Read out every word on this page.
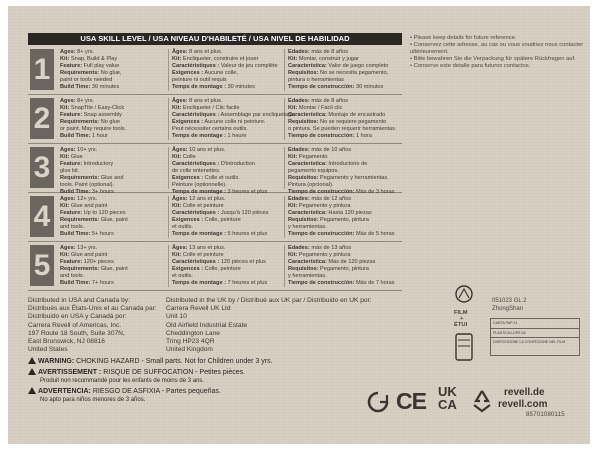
USA SKILL LEVEL / USA NIVEAU D'HABILETÉ / USA NIVEL DE HABILIDAD
1
Ages: 8+ yrs.
Kit: Snap, Build & Play
Feature: Full play value
Requirements: No glue,
paint or tools needed
Build Time: 30 minutes
Âges: 8 ans et plus.
Kit: Encliqueter, construire et jouer
Caractéristiques : Valeur de jeu complète
Exigences : Aucune colle,
peinture ni outil requis
Temps de montage : 30 minutes
Edades: más de 8 años
Kit: Montar, construir y jugar
Característica: Valor de juego completo
Requisitos: No se necesita pegamento,
pintura o herramientas
Tiempo de construcción: 30 minutos
2
Ages: 8+ yrs.
Kit: SnapTite / Easy-Click
Feature: Snap assembly
Requirements: No glue
or paint. May require tools.
Build Time: 1 hour
Âges: 8 ans et plus.
Kit: Encliqueter / Clic facile
Caractéristiques : Assemblage par encliquetage
Exigences : Aucune colle ni peinture.
Peut nécessiter certains outils.
Temps de montage : 1 heure
Edades: más de 8 años
Kit: Montar / Fácil clic
Característica: Montaje de encastrado
Requisitos: No se requiere pegamento
o pintura. Se pueden requerir herramientas.
Tiempo de construcción: 1 hora
3
Ages: 10+ yrs.
Kit: Glue
Feature: Introductory
glue kit.
Requirements: Glue and
tools. Paint (optional).
Build Time: 3+ hours
Âges: 10 ans et plus.
Kit: Colle
Caractéristiques : D'introduction
de colle entenettes.
Exigences : Colle et outils.
Peinture (optionnelle).
Temps de montage : 3 heures et plus
Edades: más de 10 años
Kit: Pegamento
Característica: Introductorio de
pegamento equipos.
Requisitos: Pegamento y herramientas.
Pintura (opcional).
Tiempo de construcción: Más de 3 horas
4
Ages: 12+ yrs.
Kit: Glue and paint
Feature: Up to 120 pieces
Requirements: Glue, paint
and tools.
Build Time: 5+ hours
Âges: 12 ans et plus.
Kit: Colle et peinture
Caractéristiques : Jusqu'à 120 pièces
Exigences : Colle, peinture
et outils.
Temps de montage : 5 heures et plus
Edades: más de 12 años
Kit: Pegamento y pintura
Característica: Hasta 120 piezas
Requisitos: Pegamento, pintura
y herramientas.
Tiempo de construcción: Más de 5 horas
5
Ages: 13+ yrs.
Kit: Glue and paint
Feature: 120+ pieces
Requirements: Glue, paint
and tools.
Build Time: 7+ hours
Âges: 13 ans et plus.
Kit: Colle et peinture
Caractéristiques : 120 pièces et plus
Exigences : Colle, peinture
et outils.
Temps de montage : 7 heures et plus
Edades: más de 13 años
Kit: Pegamento y pintura
Característica: Más de 120 piezas
Requisitos: Pegamento, pintura
y herramientas.
Tiempo de construcción: Más de 7 horas
• Please keep details for future reference.
• Conservez cette adresse, au cas ou vous voudriez nous contacter
ultérieurement.
• Bitte bewahren Sie die Verpackung für spätere Rückfragen auf.
• Conserve este detalle para futuros contactos.
Distributed in USA and Canada by:
Distribués aux États-Unis et au Canada par:
Distribuido en USA y Canadá por:
Carrera Revell of Americas, Inc.
197 Route 18 South, Suite 307N,
East Brunswick, NJ 08816
United States
Distributed in the UK by / Distribué aux UK par / Distribuido en UK por:
Carrera Revell UK Ltd
Unit 10
Old Airfield Industrial Estate
Cheddington Lane
Tring HP23 4QR
United Kingdom
WARNING: CHOKING HAZARD - Small parts. Not for Children under 3 yrs.
AVERTISSEMENT : RISQUE DE SUFFOCATION - Petites pièces.
Produit non recommandé pour les enfants de moins de 3 ans.
ADVERTENCIA: RIESGO DE ASFIXIA - Partes pequeñas.
No apto para niños menores de 3 años.
FILM
+
ÉTUI
051023 GL 2
ZhongShan
CARTA PAP 21
PLASTICA LDPE 04
DISPOSIZIONE LA CONFEZIONE NEL FILM
CE UK
CA
revell.de
revell.com
85701080115
